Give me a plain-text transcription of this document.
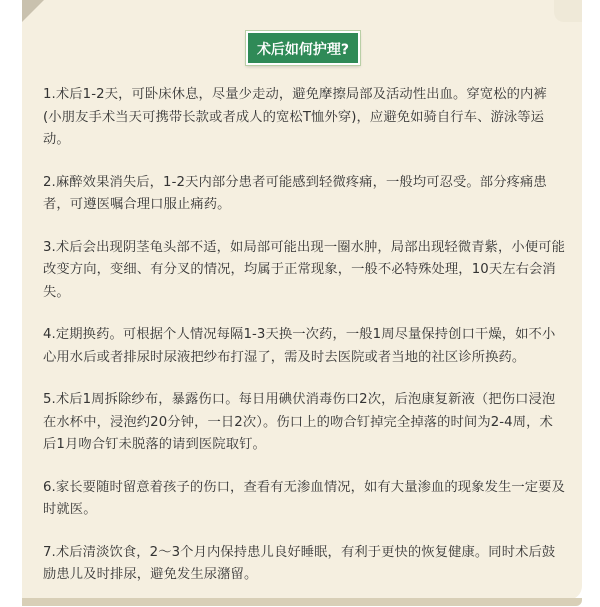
术后如何护理?

1.术后1-2天，可卧床休息，尽量少走动，避免摩擦局部及活动性出血。穿宽松的内裤(小朋友手术当天可携带长款或者成人的宽松T恤外穿)，应避免如骑自行车、游泳等运动。

2.麻醉效果消失后，1-2天内部分患者可能感到轻微疼痛，一般均可忍受。部分疼痛患者，可遵医嘱合理口服止痛药。

3.术后会出现阴茎龟头部不适，如局部可能出现一圈水肿，局部出现轻微青紫，小便可能改变方向，变细、有分叉的情况，均属于正常现象，一般不必特殊处理，10天左右会消失。

4.定期换药。可根据个人情况每隔1-3天换一次药，一般1周尽量保持创口干燥，如不小心用水后或者排尿时尿液把纱布打湿了，需及时去医院或者当地的社区诊所换药。

5.术后1周拆除纱布，暴露伤口。每日用碘伏消毒伤口2次，后泡康复新液（把伤口浸泡在水杯中，浸泡约20分钟，一日2次）。伤口上的吻合钉掉完全掉落的时间为2-4周，术后1月吻合钉未脱落的请到医院取钉。

6.家长要随时留意着孩子的伤口，查看有无渗血情况，如有大量渗血的现象发生一定要及时就医。

7.术后清淡饮食，2～3个月内保持患儿良好睡眠，有利于更快的恢复健康。同时术后鼓励患儿及时排尿，避免发生尿潴留。
